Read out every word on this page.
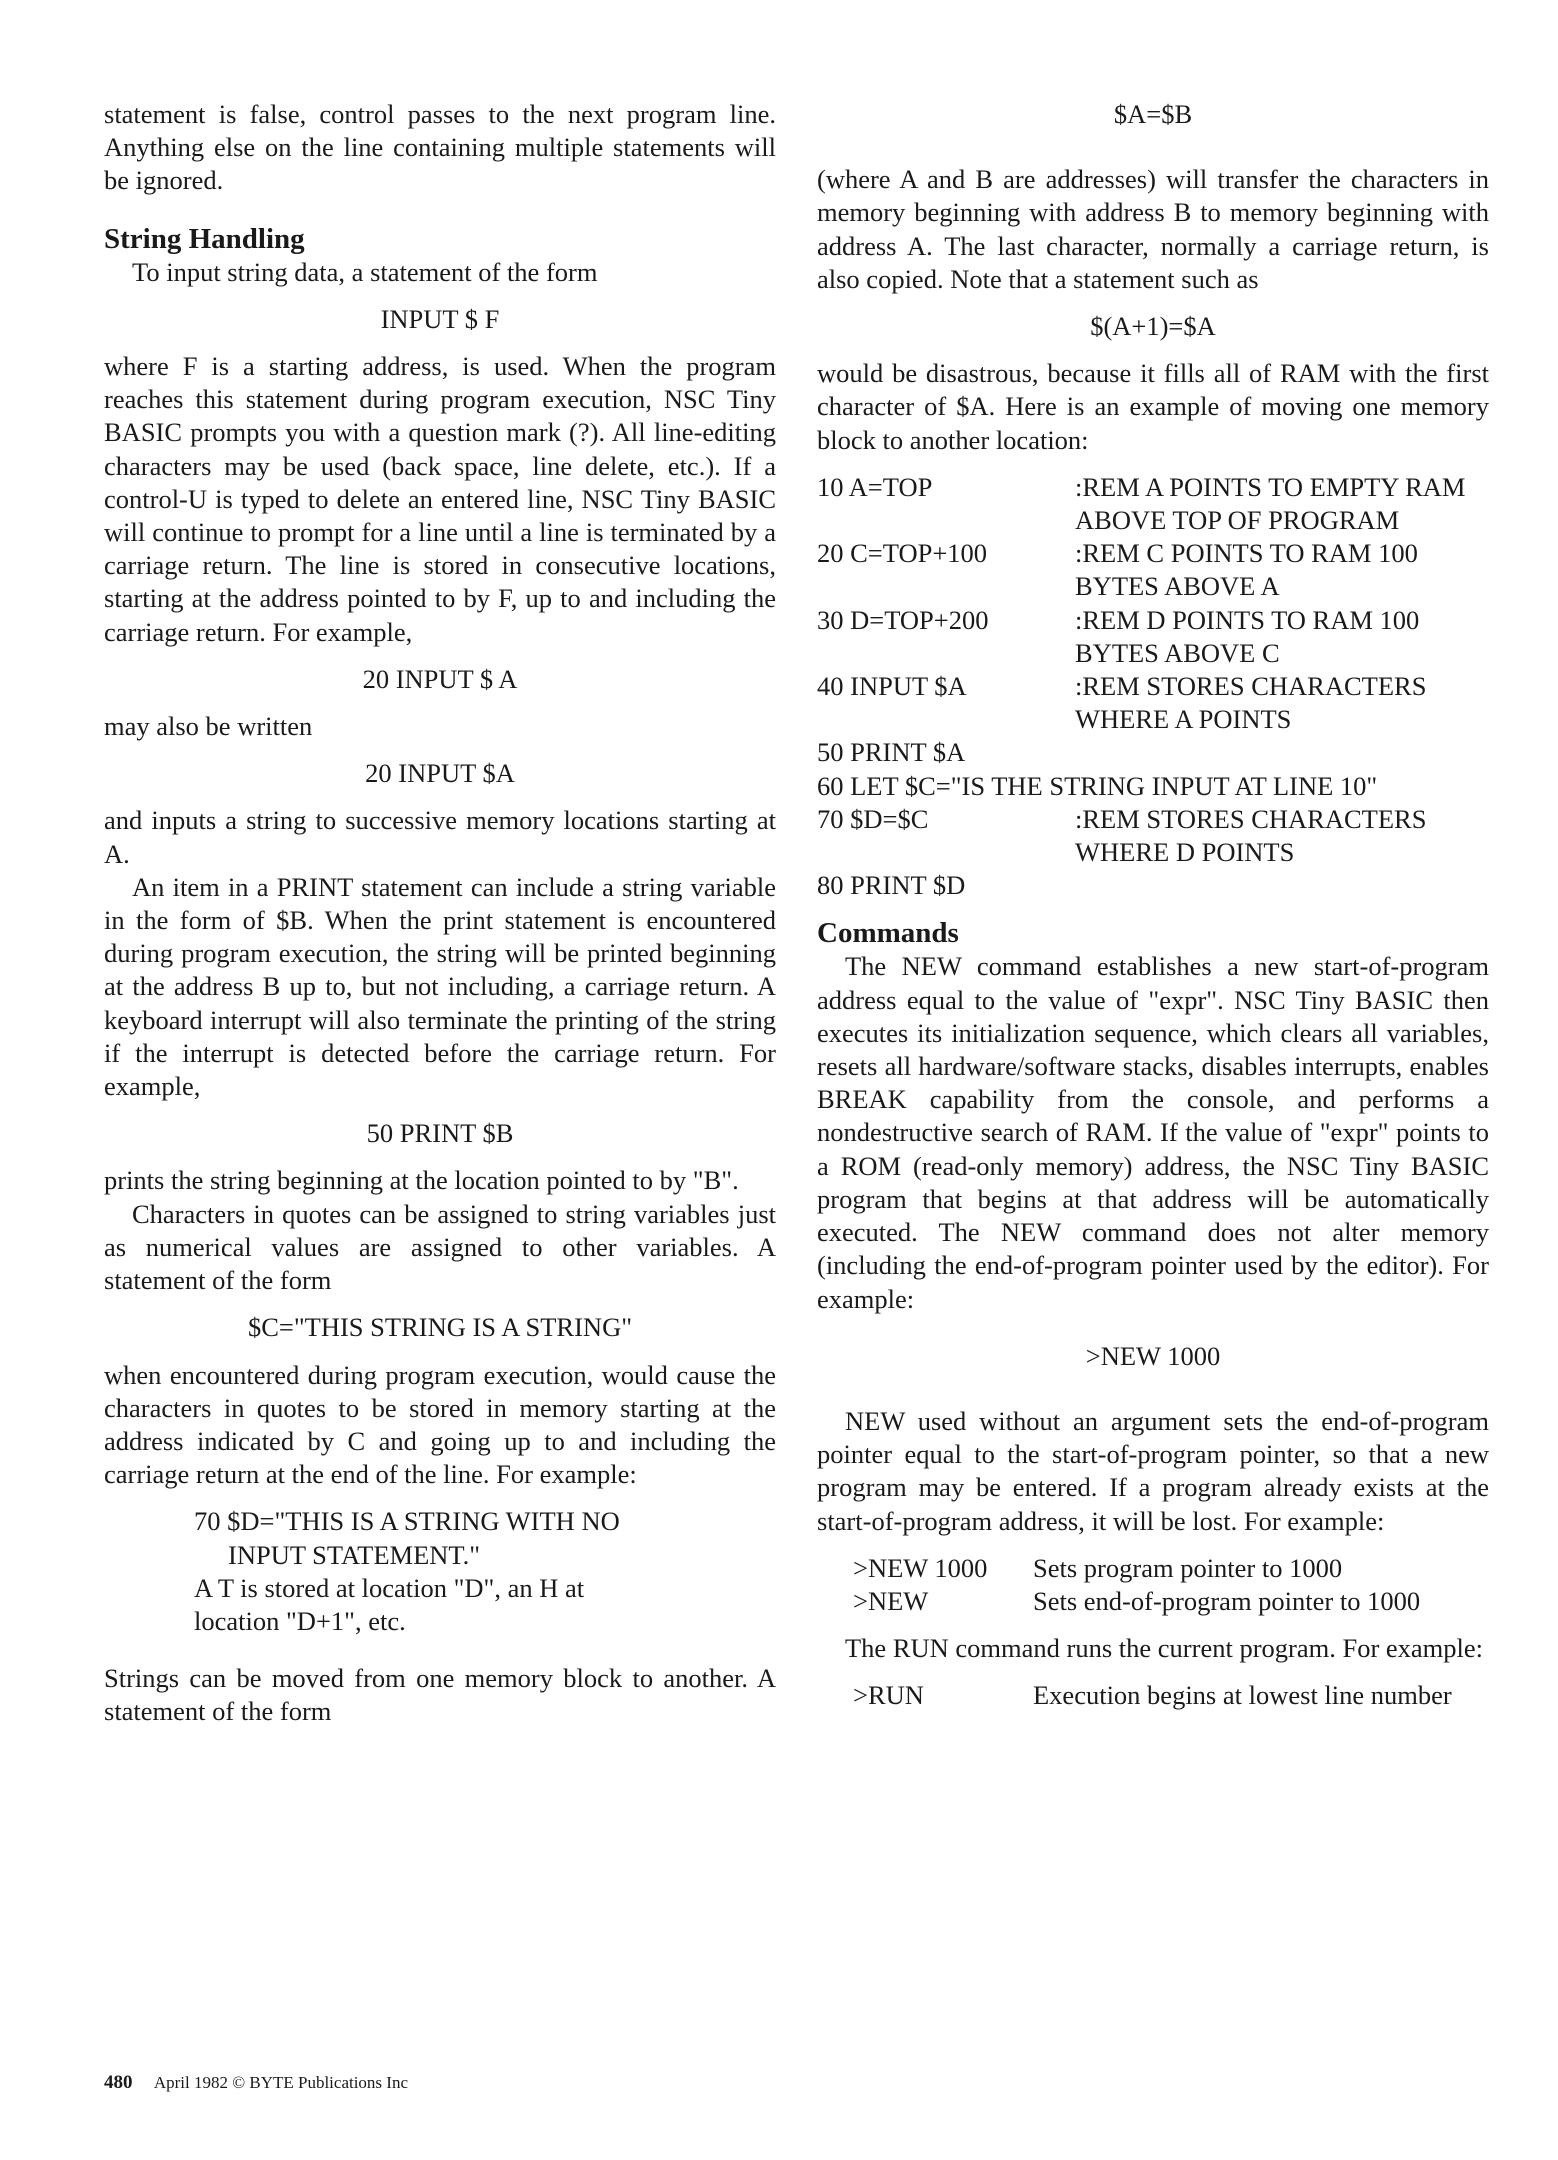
statement is false, control passes to the next program line. Anything else on the line containing multiple statements will be ignored.

String Handling

To input string data, a statement of the form

INPUT $ F

where F is a starting address, is used. When the program reaches this statement during program execution, NSC Tiny BASIC prompts you with a question mark (?). All line-editing characters may be used (back space, line delete, etc.). If a control-U is typed to delete an entered line, NSC Tiny BASIC will continue to prompt for a line until a line is terminated by a carriage return. The line is stored in consecutive locations, starting at the address pointed to by F, up to and including the carriage return. For example,

20 INPUT $ A

may also be written

20 INPUT $A

and inputs a string to successive memory locations starting at A.

An item in a PRINT statement can include a string variable in the form of $B. When the print statement is encountered during program execution, the string will be printed beginning at the address B up to, but not including, a carriage return. A keyboard interrupt will also terminate the printing of the string if the interrupt is detected before the carriage return. For example,

50 PRINT $B

prints the string beginning at the location pointed to by "B".

Characters in quotes can be assigned to string variables just as numerical values are assigned to other variables. A statement of the form

$C="THIS STRING IS A STRING"

when encountered during program execution, would cause the characters in quotes to be stored in memory starting at the address indicated by C and going up to and including the carriage return at the end of the line. For example:

70 $D="THIS IS A STRING WITH NO
INPUT STATEMENT."
A T is stored at location "D", an H at
location "D+1", etc.

Strings can be moved from one memory block to another. A statement of the form

$A=$B

(where A and B are addresses) will transfer the characters in memory beginning with address B to memory beginning with address A. The last character, normally a carriage return, is also copied. Note that a statement such as

$(A+1)=$A

would be disastrous, because it fills all of RAM with the first character of $A. Here is an example of moving one memory block to another location:

10 A=TOP	:REM A POINTS TO EMPTY RAM ABOVE TOP OF PROGRAM
20 C=TOP+100	:REM C POINTS TO RAM 100 BYTES ABOVE A
30 D=TOP+200	:REM D POINTS TO RAM 100 BYTES ABOVE C
40 INPUT $A	:REM STORES CHARACTERS WHERE A POINTS
50 PRINT $A	
60 LET $C="IS THE STRING INPUT AT LINE 10"	
70 $D=$C	:REM STORES CHARACTERS WHERE D POINTS
80 PRINT $D	
Commands

The NEW command establishes a new start-of-program address equal to the value of "expr". NSC Tiny BASIC then executes its initialization sequence, which clears all variables, resets all hardware/software stacks, disables interrupts, enables BREAK capability from the console, and performs a nondestructive search of RAM. If the value of "expr" points to a ROM (read-only memory) address, the NSC Tiny BASIC program that begins at that address will be automatically executed. The NEW command does not alter memory (including the end-of-program pointer used by the editor). For example:

>NEW 1000

NEW used without an argument sets the end-of-program pointer equal to the start-of-program pointer, so that a new program may be entered. If a program already exists at the start-of-program address, it will be lost. For example:

>NEW 1000	Sets program pointer to 1000
>NEW	Sets end-of-program pointer to 1000

The RUN command runs the current program. For example:

>RUN	Execution begins at lowest line number
480 April 1982 © BYTE Publications Inc
